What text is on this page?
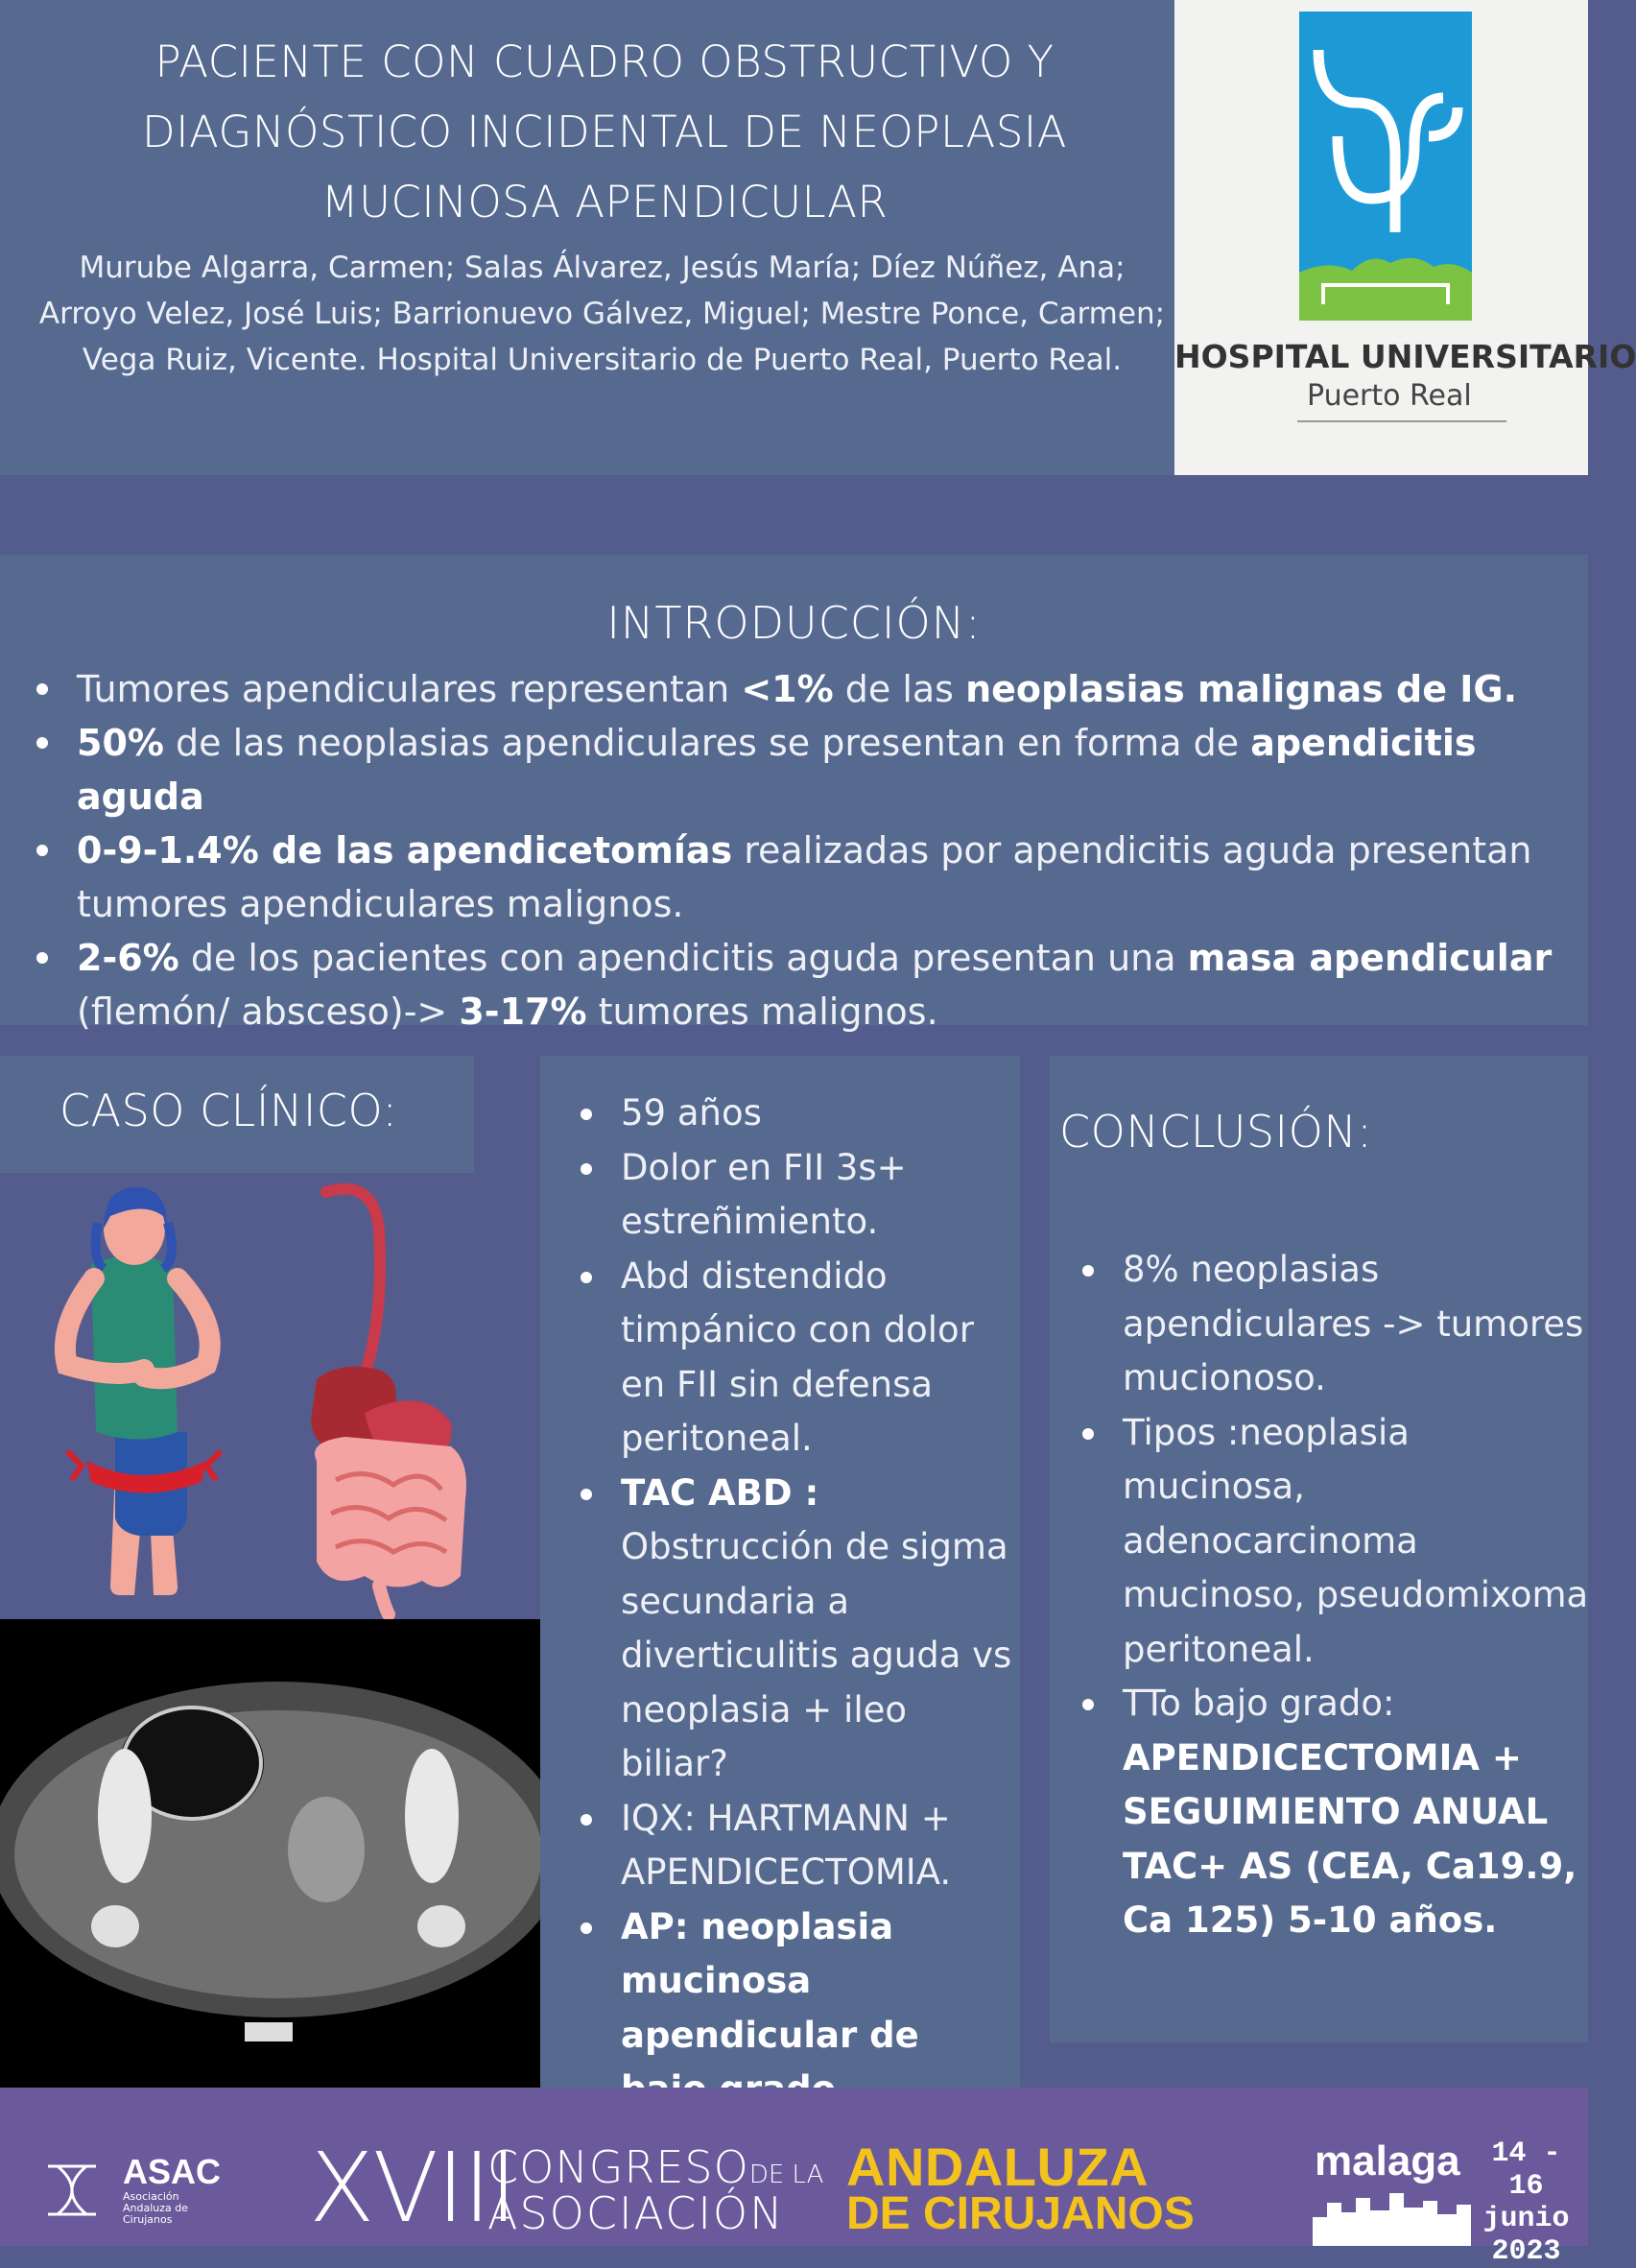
PACIENTE CON CUADRO OBSTRUCTIVO Y
DIAGNÓSTICO INCIDENTAL DE NEOPLASIA
MUCINOSA APENDICULAR
Murube Algarra, Carmen; Salas Álvarez, Jesús María; Díez Núñez, Ana;
Arroyo Velez, José Luis; Barrionuevo Gálvez, Miguel; Mestre Ponce, Carmen;
Vega Ruiz, Vicente. Hospital Universitario de Puerto Real, Puerto Real.	HOSPITAL UNIVERSITARIO
Puerto Real
INTRODUCCIÓN:
Tumores apendiculares representan <1% de las neoplasias malignas de IG.
50% de las neoplasias apendiculares se presentan en forma de apendicitis aguda
0-9-1.4% de las apendicetomías realizadas por apendicitis aguda presentan tumores apendiculares malignos.
2-6% de los pacientes con apendicitis aguda presentan una masa apendicular (flemón/ absceso)-> 3-17% tumores malignos.
CASO CLÍNICO:	59 años
Dolor en FII 3s+ estreñimiento.
Abd distendido timpánico con dolor en FII sin defensa peritoneal.
TAC ABD : Obstrucción de sigma secundaria a diverticulitis aguda vs neoplasia + ileo biliar?
IQX: HARTMANN + APENDICECTOMIA.
AP: neoplasia mucinosa apendicular de
CONCLUSIÓN:
8% neoplasias apendiculares -> tumores mucionoso.
Tipos :neoplasia mucinosa, adenocarcinoma mucinoso, pseudomixoma peritoneal.
TTo bajo grado: APENDICECTOMIA + SEGUIMIENTO ANUAL TAC+ AS (CEA, Ca19.9, Ca 125) 5-10 años.
ASAC
Asociación Andaluza de Cirujanos	XVIII
CONGRESODE LA
ASOCIACIÓN
ANDALUZA
DE CIRUJANOS
malaga	14 - 16
junio
2023
